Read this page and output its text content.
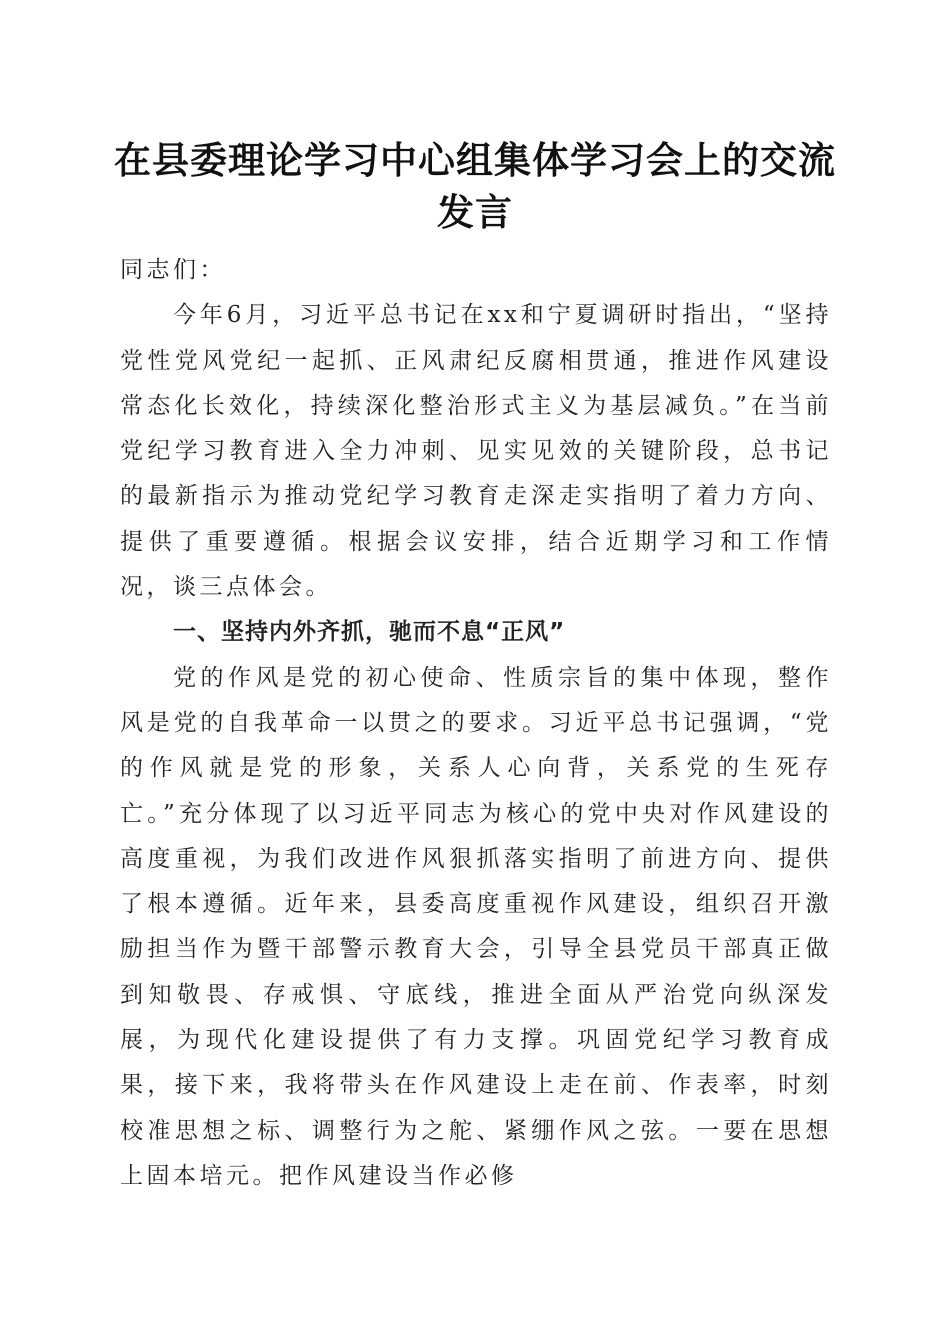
在县委理论学习中心组集体学习会上的交流发言

同志们：

今年6月，习近平总书记在xx和宁夏调研时指出，“坚持党性党风党纪一起抓、正风肃纪反腐相贯通，推进作风建设常态化长效化，持续深化整治形式主义为基层减负。”在当前党纪学习教育进入全力冲刺、见实见效的关键阶段，总书记的最新指示为推动党纪学习教育走深走实指明了着力方向、提供了重要遵循。根据会议安排，结合近期学习和工作情况，谈三点体会。

一、坚持内外齐抓，驰而不息“正风”

党的作风是党的初心使命、性质宗旨的集中体现，整作风是党的自我革命一以贯之的要求。习近平总书记强调，“党的作风就是党的形象，关系人心向背，关系党的生死存亡。”充分体现了以习近平同志为核心的党中央对作风建设的高度重视，为我们改进作风狠抓落实指明了前进方向、提供了根本遵循。近年来，县委高度重视作风建设，组织召开激励担当作为暨干部警示教育大会，引导全县党员干部真正做到知敬畏、存戒惧、守底线，推进全面从严治党向纵深发展，为现代化建设提供了有力支撑。巩固党纪学习教育成果，接下来，我将带头在作风建设上走在前、作表率，时刻校准思想之标、调整行为之舵、紧绷作风之弦。一要在思想上固本培元。把作风建设当作必修
